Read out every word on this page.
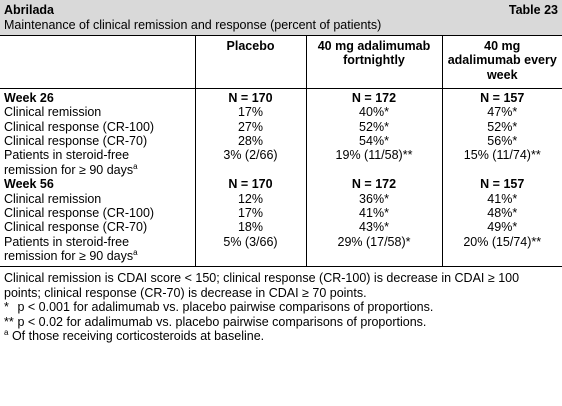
Abrilada	Table 23
Maintenance of clinical remission and response (percent of patients)
	Placebo	40 mg adalimumab fortnightly	40 mg adalimumab every week
Week 26	N = 170	N = 172	N = 157
Clinical remission	17%	40%*	47%*
Clinical response (CR-100)	27%	52%*	52%*
Clinical response (CR-70)	28%	54%*	56%*
Patients in steroid-free
remission for ≥ 90 days$^a$	3% (2/66)	19% (11/58)**	15% (11/74)**
Week 56	N = 170	N = 172	N = 157
Clinical remission	12%	36%*	41%*
Clinical response (CR-100)	17%	41%*	48%*
Clinical response (CR-70)	18%	43%*	49%*
Patients in steroid-free
remission for ≥ 90 days$^a$	5% (3/66)	29% (17/58)*	20% (15/74)**
Clinical remission is CDAI score < 150; clinical response (CR-100) is decrease in CDAI ≥ 100 points; clinical response (CR-70) is decrease in CDAI ≥ 70 points.
* p < 0.001 for adalimumab vs. placebo pairwise comparisons of proportions.
** p < 0.02 for adalimumab vs. placebo pairwise comparisons of proportions.
$^a$ Of those receiving corticosteroids at baseline.
